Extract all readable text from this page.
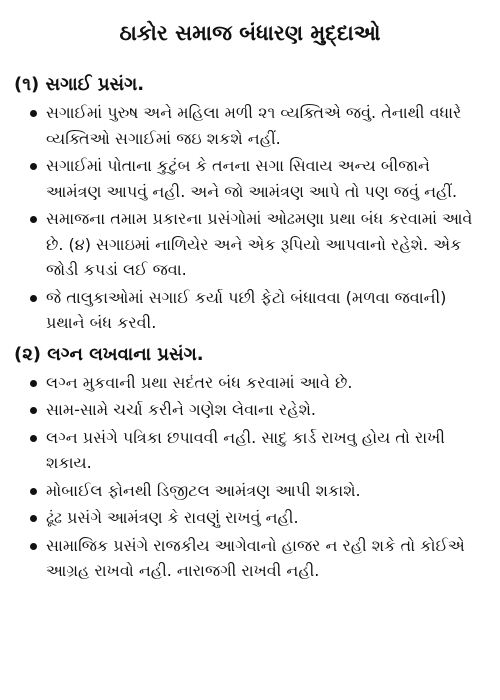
ઠાકોર સમાજ બંધારણ મુદ્દાઓ
(૧) સગાઈ પ્રસંગ.
સગાઈમાં પુરુષ અને મહિલા મળી ૨૧ વ્યક્તિએ જવું. તેનાથી વધારે વ્યક્તિઓ સગાઈમાં જઇ શકશે નહીં.
સગાઈમાં પોતાના કુટુંબ કે તનના સગા સિવાય અન્ય બીજાને આમંત્રણ આપવું નહી. અને જો આમંત્રણ આપે તો પણ જવું નહીં.
સમાજના તમામ પ્રકારના પ્રસંગોમાં ઓઢમણા પ્રથા બંધ કરવામાં આવે છે. (૪) સગાઇમાં નાળિયેર અને એક રૂપિયો આપવાનો રહેશે. એક જોડી કપડાં લઈ જવા.
જે તાલુકાઓમાં સગાઈ કર્યા પછી ફેટો બંધાવવા (મળવા જવાની) પ્રથાને બંધ કરવી.
(૨) લગ્ન લખવાના પ્રસંગ.
લગ્ન મુકવાની પ્રથા સદંતર બંધ કરવામાં આવે છે.
સામ-સામે ચર્ચા કરીને ગણેશ લેવાના રહેશે.
લગ્ન પ્રસંગે પત્રિકા છપાવવી નહી. સાદુ કાર્ડ રાખવુ હોય તો રાખી શકાય.
મોબાઈલ ફોનથી ડિજીટલ આમંત્રણ આપી શકાશે.
ઢૂંઢ પ્રસંગે આમંત્રણ કે રાવણું રાખવું નહી.
સામાજિક પ્રસંગે રાજકીય આગેવાનો હાજર ન રહી શકે તો કોઈએ આગ્રહ રાખવો નહી. નારાજગી રાખવી નહી.
